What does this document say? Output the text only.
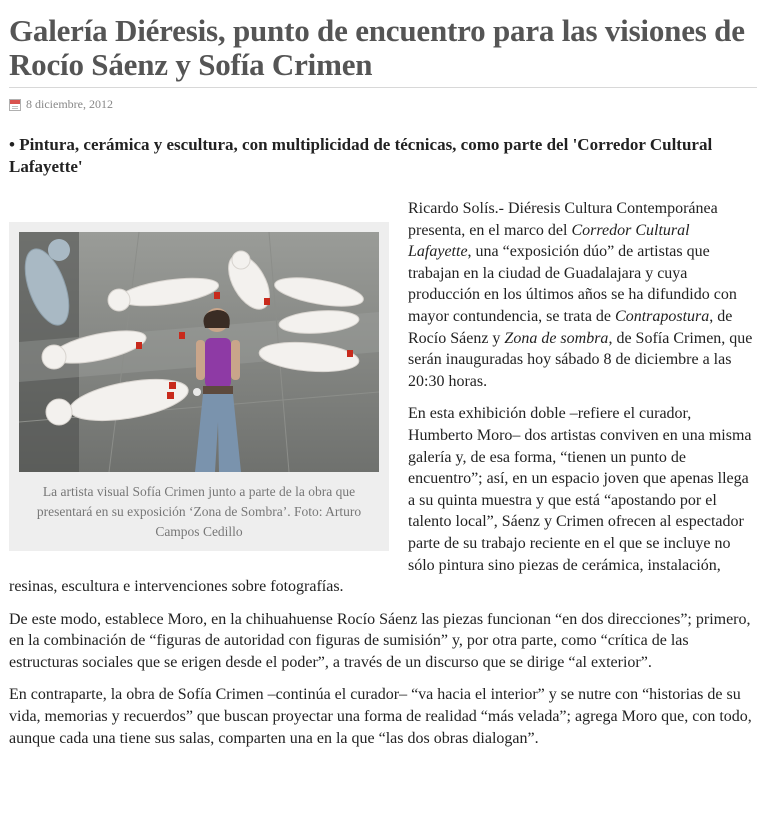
Galería Diéresis, punto de encuentro para las visiones de Rocío Sáenz y Sofía Crimen
8 diciembre, 2012

• Pintura, cerámica y escultura, con multiplicidad de técnicas, como parte del 'Corredor Cultural Lafayette'

La artista visual Sofía Crimen junto a parte de la obra que presentará en su exposición ‘Zona de Sombra’. Foto: Arturo Campos Cedillo

Ricardo Solís.- Diéresis Cultura Contemporánea presenta, en el marco del Corredor Cultural Lafayette, una “exposición dúo” de artistas que trabajan en la ciudad de Guadalajara y cuya producción en los últimos años se ha difundido con mayor contundencia, se trata de Contrapostura, de Rocío Sáenz y Zona de sombra, de Sofía Crimen, que serán inauguradas hoy sábado 8 de diciembre a las 20:30 horas.

En esta exhibición doble –refiere el curador, Humberto Moro– dos artistas conviven en una misma galería y, de esa forma, “tienen un punto de encuentro”; así, en un espacio joven que apenas llega a su quinta muestra y que está “apostando por el talento local”, Sáenz y Crimen ofrecen al espectador parte de su trabajo reciente en el que se incluye no sólo pintura sino piezas de cerámica, instalación, resinas, escultura e intervenciones sobre fotografías.

De este modo, establece Moro, en la chihuahuense Rocío Sáenz las piezas funcionan “en dos direcciones”; primero, en la combinación de “figuras de autoridad con figuras de sumisión” y, por otra parte, como “crítica de las estructuras sociales que se erigen desde el poder”, a través de un discurso que se dirige “al exterior”.

En contraparte, la obra de Sofía Crimen –continúa el curador– “va hacia el interior” y se nutre con “historias de su vida, memorias y recuerdos” que buscan proyectar una forma de realidad “más velada”; agrega Moro que, con todo, aunque cada una tiene sus salas, comparten una en la que “las dos obras dialogan”.
